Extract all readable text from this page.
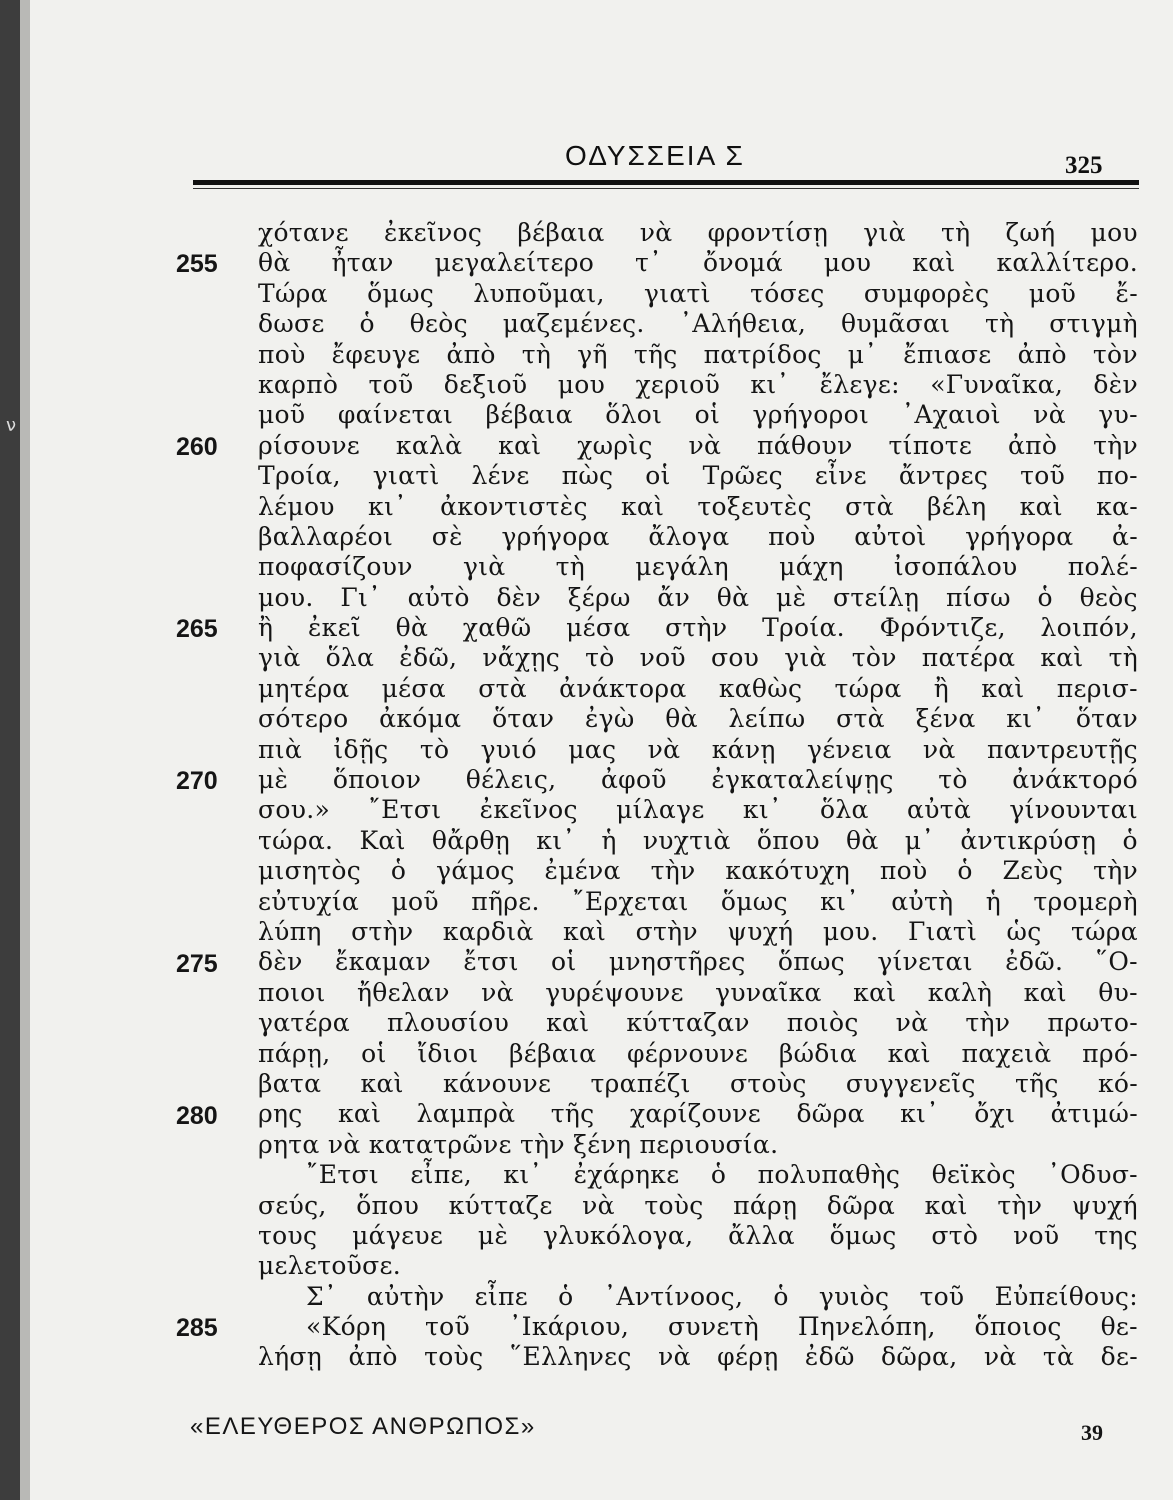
ν
ΟΔΥΣΣΕΙΑ Σ	325
χότανε ἐκεῖνος βέβαια νὰ φροντίσῃ γιὰ τὴ ζωή μου
θὰ ἦταν μεγαλείτερο τ᾽ ὄνομά μου καὶ καλλίτερο.
Τώρα ὅμως λυποῦμαι, γιατὶ τόσες συμφορὲς μοῦ ἔ-
δωσε ὁ θεὸς μαζεμένες. ᾽Αλήθεια, θυμᾶσαι τὴ στιγμὴ
ποὺ ἔφευγε ἀπὸ τὴ γῆ τῆς πατρίδος μ᾽ ἔπιασε ἀπὸ τὸν
καρπὸ τοῦ δεξιοῦ μου χεριοῦ κι᾽ ἔλεγε: «Γυναῖκα, δὲν
μοῦ φαίνεται βέβαια ὅλοι οἱ γρήγοροι ᾽Αχαιοὶ νὰ γυ-
ρίσουνε καλὰ καὶ χωρὶς νὰ πάθουν τίποτε ἀπὸ τὴν
Τροία, γιατὶ λένε πὼς οἱ Τρῶες εἶνε ἄντρες τοῦ πο-
λέμου κι᾽ ἀκοντιστὲς καὶ τοξευτὲς στὰ βέλη καὶ κα-
βαλλαρέοι σὲ γρήγορα ἄλογα ποὺ αὐτοὶ γρήγορα ἀ-
ποφασίζουν γιὰ τὴ μεγάλη μάχη ἰσοπάλου πολέ-
μου. Γι᾽ αὐτὸ δὲν ξέρω ἄν θὰ μὲ στείλῃ πίσω ὁ θεὸς
ἢ ἐκεῖ θὰ χαθῶ μέσα στὴν Τροία. Φρόντιζε, λοιπόν,
γιὰ ὅλα ἐδῶ, νἄχῃς τὸ νοῦ σου γιὰ τὸν πατέρα καὶ τὴ
μητέρα μέσα στὰ ἀνάκτορα καθὼς τώρα ἢ καὶ περισ-
σότερο ἀκόμα ὅταν ἐγὼ θὰ λείπω στὰ ξένα κι᾽ ὅταν
πιὰ ἰδῇς τὸ γυιό μας νὰ κάνῃ γένεια νὰ παντρευτῇς
μὲ ὅποιον θέλεις, ἀφοῦ ἐγκαταλείψῃς τὸ ἀνάκτορό
σου.» ῎Ετσι ἐκεῖνος μίλαγε κι᾽ ὅλα αὐτὰ γίνουνται
τώρα. Καὶ θἄρθῃ κι᾽ ἡ νυχτιὰ ὅπου θὰ μ᾽ ἀντικρύσῃ ὁ
μισητὸς ὁ γάμος ἐμένα τὴν κακότυχη ποὺ ὁ Ζεὺς τὴν
εὐτυχία μοῦ πῆρε. ῎Ερχεται ὅμως κι᾽ αὐτὴ ἡ τρομερὴ
λύπη στὴν καρδιὰ καὶ στὴν ψυχή μου. Γιατὶ ὡς τώρα
δὲν ἔκαμαν ἔτσι οἱ μνηστῆρες ὅπως γίνεται ἐδῶ. ῞Ο-
ποιοι ἤθελαν νὰ γυρέψουνε γυναῖκα καὶ καλὴ καὶ θυ-
γατέρα πλουσίου καὶ κύτταζαν ποιὸς νὰ τὴν πρωτο-
πάρῃ, οἱ ἴδιοι βέβαια φέρνουνε βώδια καὶ παχειὰ πρό-
βατα καὶ κάνουνε τραπέζι στοὺς συγγενεῖς τῆς κό-
ρης καὶ λαμπρὰ τῆς χαρίζουνε δῶρα κι᾽ ὄχι ἀτιμώ-
ρητα νὰ κατατρῶνε τὴν ξένη περιουσία.
῎Ετσι εἶπε, κι᾽ ἐχάρηκε ὁ πολυπαθὴς θεϊκὸς ᾽Οδυσ-
σεύς, ὅπου κύτταζε νὰ τοὺς πάρῃ δῶρα καὶ τὴν ψυχή
τους μάγευε μὲ γλυκόλογα, ἄλλα ὅμως στὸ νοῦ της
μελετοῦσε.
Σ᾽ αὐτὴν εἶπε ὁ ᾽Αντίνοος, ὁ γυιὸς τοῦ Εὐπείθους:
«Κόρη τοῦ ᾽Ικάριου, συνετὴ Πηνελόπη, ὅποιος θε-
λήσῃ ἀπὸ τοὺς ῞Ελληνες νὰ φέρῃ ἐδῶ δῶρα, νὰ τὰ δε-
255
260
265
270
275
280
285
«ΕΛΕΥΘΕΡΟΣ ΑΝΘΡΩΠΟΣ»	39
